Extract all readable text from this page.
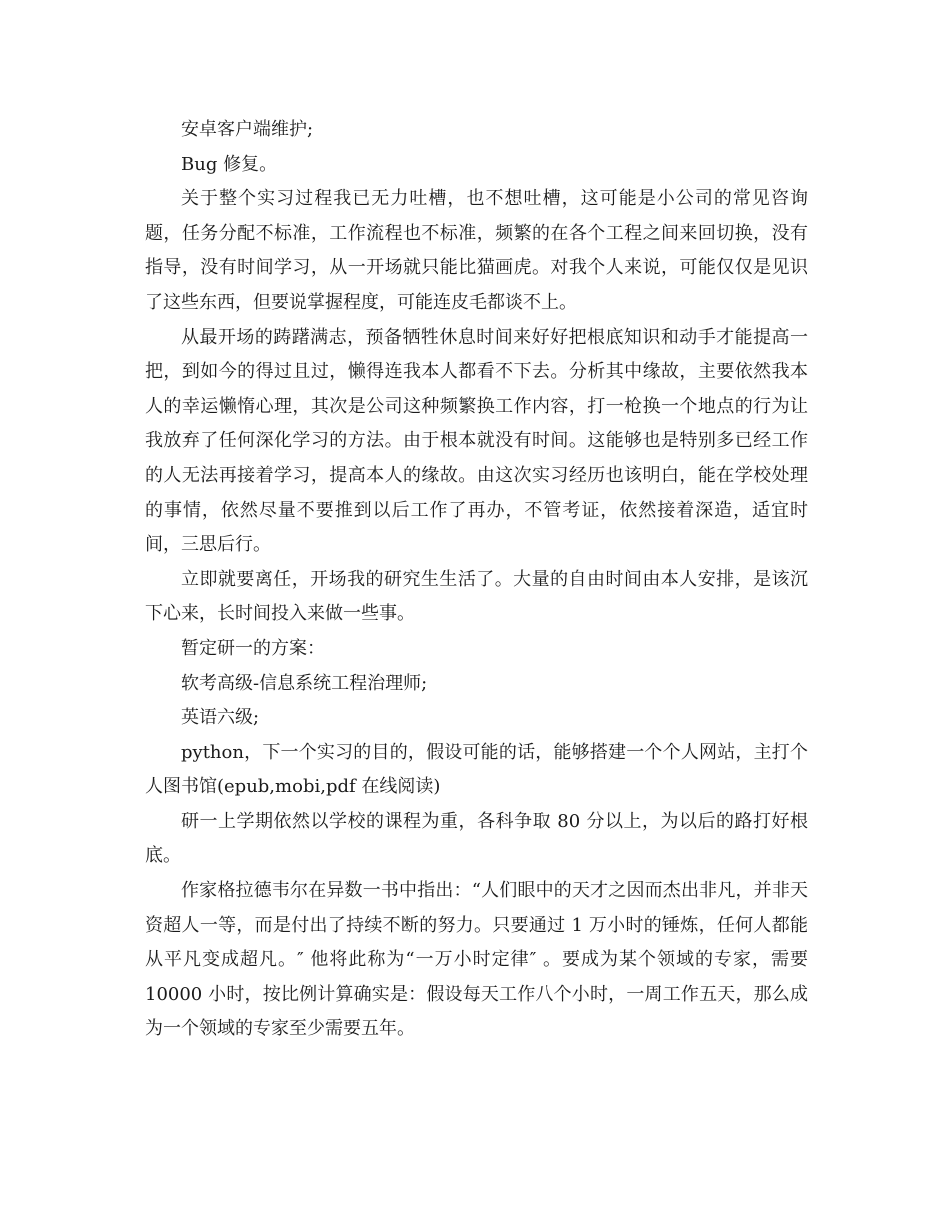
安卓客户端维护;

Bug 修复。

关于整个实习过程我已无力吐槽，也不想吐槽，这可能是小公司的常见咨询题，任务分配不标准，工作流程也不标准，频繁的在各个工程之间来回切换，没有指导，没有时间学习，从一开场就只能比猫画虎。对我个人来说，可能仅仅是见识了这些东西，但要说掌握程度，可能连皮毛都谈不上。

从最开场的踌躇满志，预备牺牲休息时间来好好把根底知识和动手才能提高一把，到如今的得过且过，懒得连我本人都看不下去。分析其中缘故，主要依然我本人的幸运懒惰心理，其次是公司这种频繁换工作内容，打一枪换一个地点的行为让我放弃了任何深化学习的方法。由于根本就没有时间。这能够也是特别多已经工作的人无法再接着学习，提高本人的缘故。由这次实习经历也该明白，能在学校处理的事情，依然尽量不要推到以后工作了再办，不管考证，依然接着深造，适宜时间，三思后行。

立即就要离任，开场我的研究生生活了。大量的自由时间由本人安排，是该沉下心来，长时间投入来做一些事。

暂定研一的方案：

软考高级-信息系统工程治理师;

英语六级;

python，下一个实习的目的，假设可能的话，能够搭建一个个人网站，主打个人图书馆(epub,mobi,pdf 在线阅读)

研一上学期依然以学校的课程为重，各科争取 80 分以上，为以后的路打好根底。

作家格拉德韦尔在异数一书中指出：“人们眼中的天才之因而杰出非凡，并非天资超人一等，而是付出了持续不断的努力。只要通过 1 万小时的锤炼，任何人都能从平凡变成超凡。″ 他将此称为“一万小时定律″ 。要成为某个领域的专家，需要 10000 小时，按比例计算确实是：假设每天工作八个小时，一周工作五天，那么成为一个领域的专家至少需要五年。
